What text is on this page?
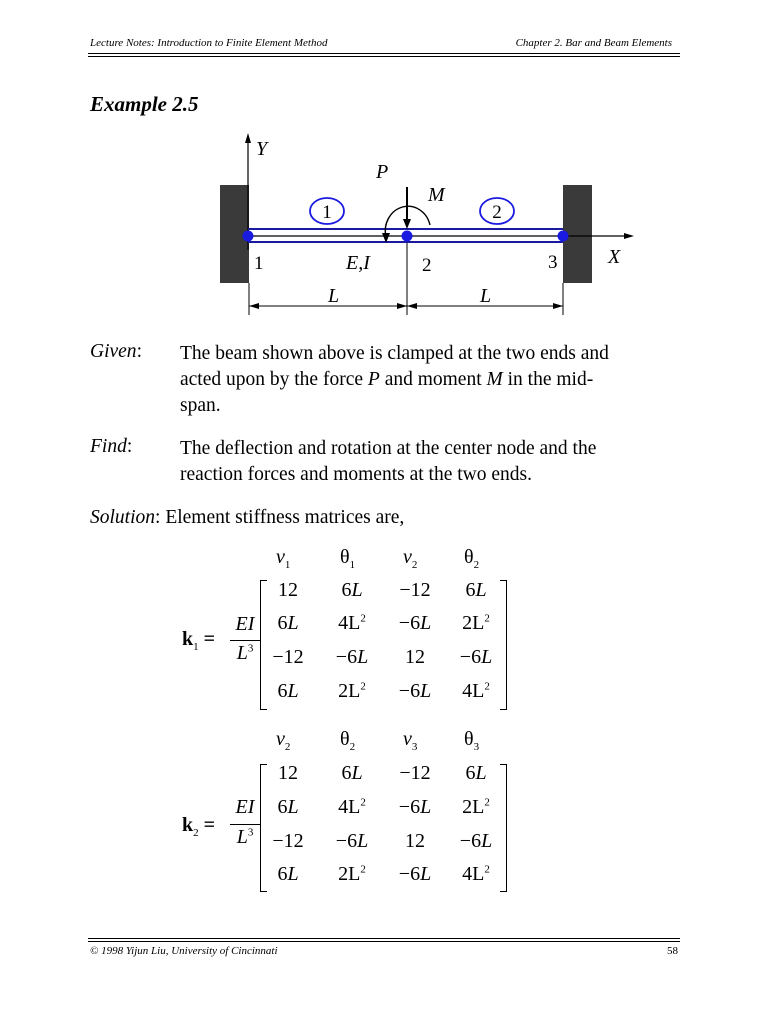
Lecture Notes: Introduction to Finite Element Method	Chapter 2. Bar and Beam Elements
Example 2.5
Y
X
1	2
P
M
1	2	3
E,I
L	L
Given: The beam shown above is clamped at the two ends and
acted upon by the force P and moment M in the mid-
span.
Find: The deflection and rotation at the center node and the
reaction forces and moments at the two ends.
Solution: Element stiffness matrices are,
$k_1$ =
EI
$L^3$
$v_1$ $\theta_1$ $v_2$ $\theta_2$
12	6L	−12	6L
6L	$4L^2$	−6L	$2L^2$
−12	−6L	12	−6L
6L	$2L^2$	−6L	$4L^2$
$k_2$ =
EI
$L^3$
$v_2$ $\theta_2$ $v_3$ $\theta_3$
12	6L	−12	6L
6L	$4L^2$	−6L	$2L^2$
−12	−6L	12	−6L
6L	$2L^2$	−6L	$4L^2$
© 1998 Yijun Liu, University of Cincinnati	58
